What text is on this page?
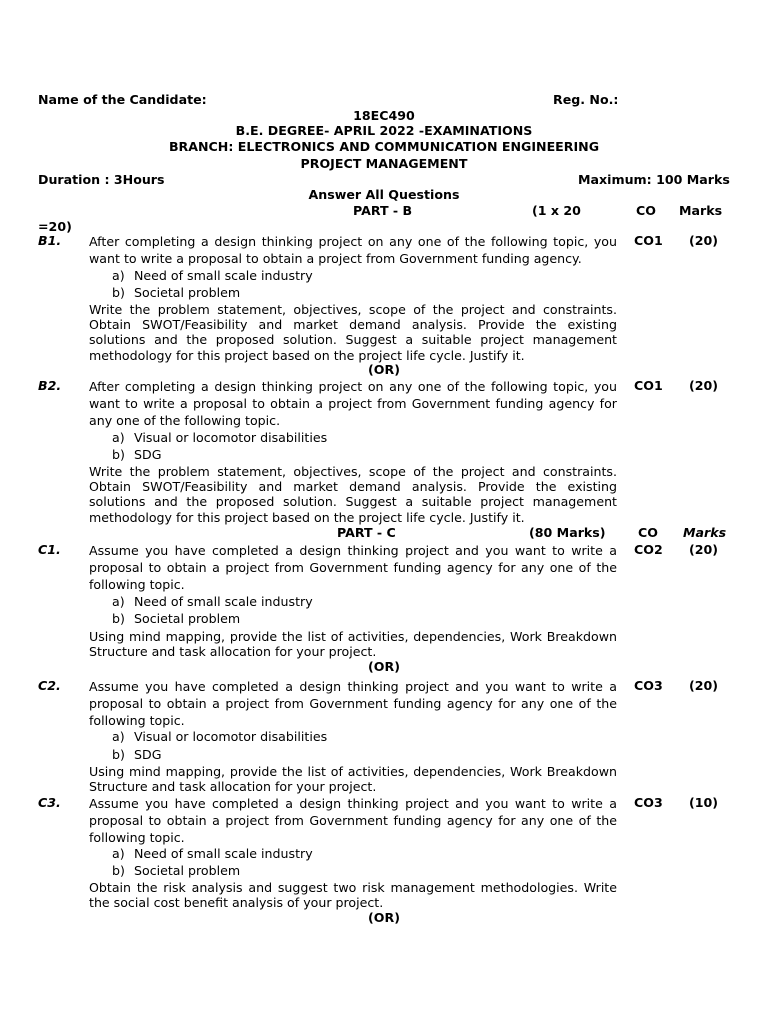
Name of the Candidate:	Reg. No.:
18EC490
B.E. DEGREE- APRIL 2022 -EXAMINATIONS
BRANCH: ELECTRONICS AND COMMUNICATION ENGINEERING
PROJECT MANAGEMENT
Duration : 3Hours	Maximum: 100 Marks
Answer All Questions
PART - B	(1 x 20	CO Marks
=20)
B1. After completing a design thinking project on any one of the following topic, you want to write a proposal to obtain a project from Government funding agency.
CO1 (20)
a) Need of small scale industry
b) Societal problem
Write the problem statement, objectives, scope of the project and constraints. Obtain SWOT/Feasibility and market demand analysis. Provide the existing solutions and the proposed solution. Suggest a suitable project management methodology for this project based on the project life cycle. Justify it.
(OR)
B2. After completing a design thinking project on any one of the following topic, you want to write a proposal to obtain a project from Government funding agency for any one of the following topic.
CO1 (20)
a) Visual or locomotor disabilities
b) SDG
Write the problem statement, objectives, scope of the project and constraints. Obtain SWOT/Feasibility and market demand analysis. Provide the existing solutions and the proposed solution. Suggest a suitable project management methodology for this project based on the project life cycle. Justify it.
PART - C	(80 Marks)	CO Marks
C1. Assume you have completed a design thinking project and you want to write a proposal to obtain a project from Government funding agency for any one of the following topic.
CO2 (20)
a) Need of small scale industry
b) Societal problem
Using mind mapping, provide the list of activities, dependencies, Work Breakdown Structure and task allocation for your project.
(OR)
C2. Assume you have completed a design thinking project and you want to write a proposal to obtain a project from Government funding agency for any one of the following topic.
CO3 (20)
a) Visual or locomotor disabilities
b) SDG
Using mind mapping, provide the list of activities, dependencies, Work Breakdown Structure and task allocation for your project.
C3. Assume you have completed a design thinking project and you want to write a proposal to obtain a project from Government funding agency for any one of the following topic.
CO3 (10)
a) Need of small scale industry
b) Societal problem
Obtain the risk analysis and suggest two risk management methodologies. Write the social cost benefit analysis of your project.
(OR)
